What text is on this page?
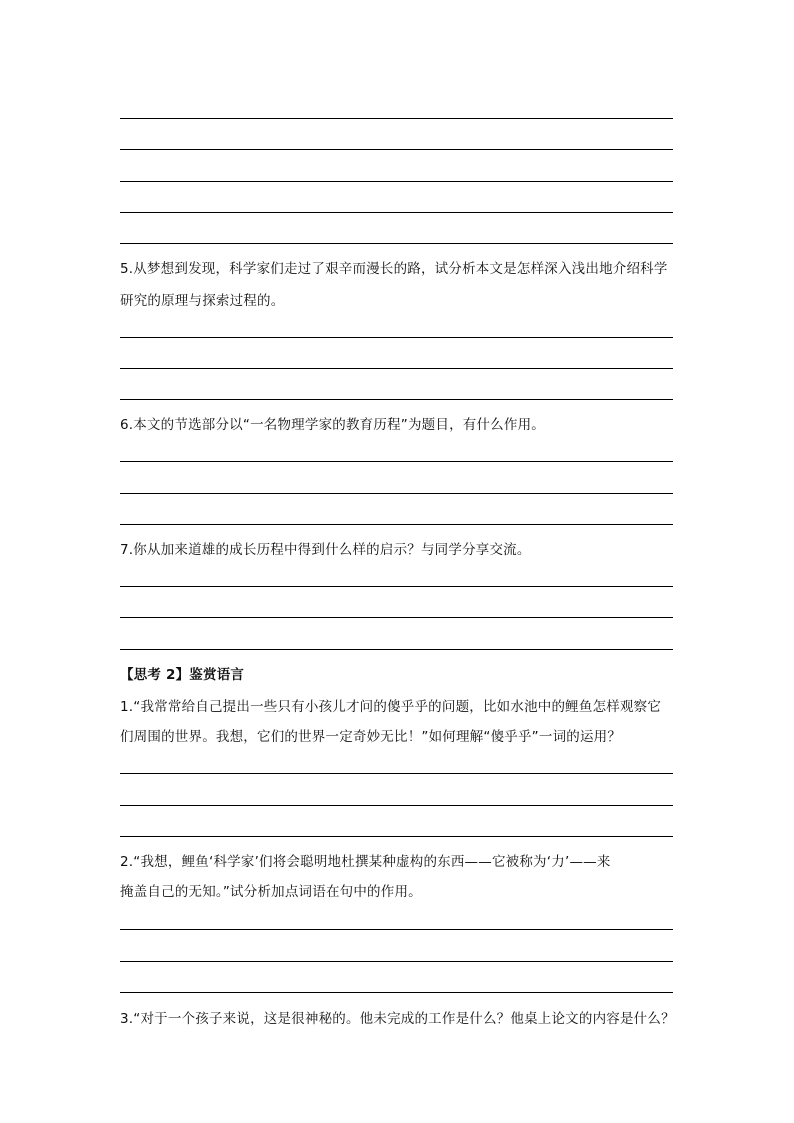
5.从梦想到发现，科学家们走过了艰辛而漫长的路，试分析本文是怎样深入浅出地介绍科学
研究的原理与探索过程的。
6.本文的节选部分以“一名物理学家的教育历程”为题目，有什么作用。
7.你从加来道雄的成长历程中得到什么样的启示？与同学分享交流。
【思考 2】鉴赏语言
1.“我常常给自己提出一些只有小孩儿才问的傻乎乎的问题，比如水池中的鲤鱼怎样观察它
们周围的世界。我想，它们的世界一定奇妙无比！”如何理解“傻乎乎”一词的运用？
2.“我想，鲤鱼‘科学家’们将会聪明地杜撰某种虚构的东西——它被称为‘力’——来
掩盖自己的无知。”试分析加点词语在句中的作用。
3.“对于一个孩子来说，这是很神秘的。他未完成的工作是什么？他桌上论文的内容是什么？
